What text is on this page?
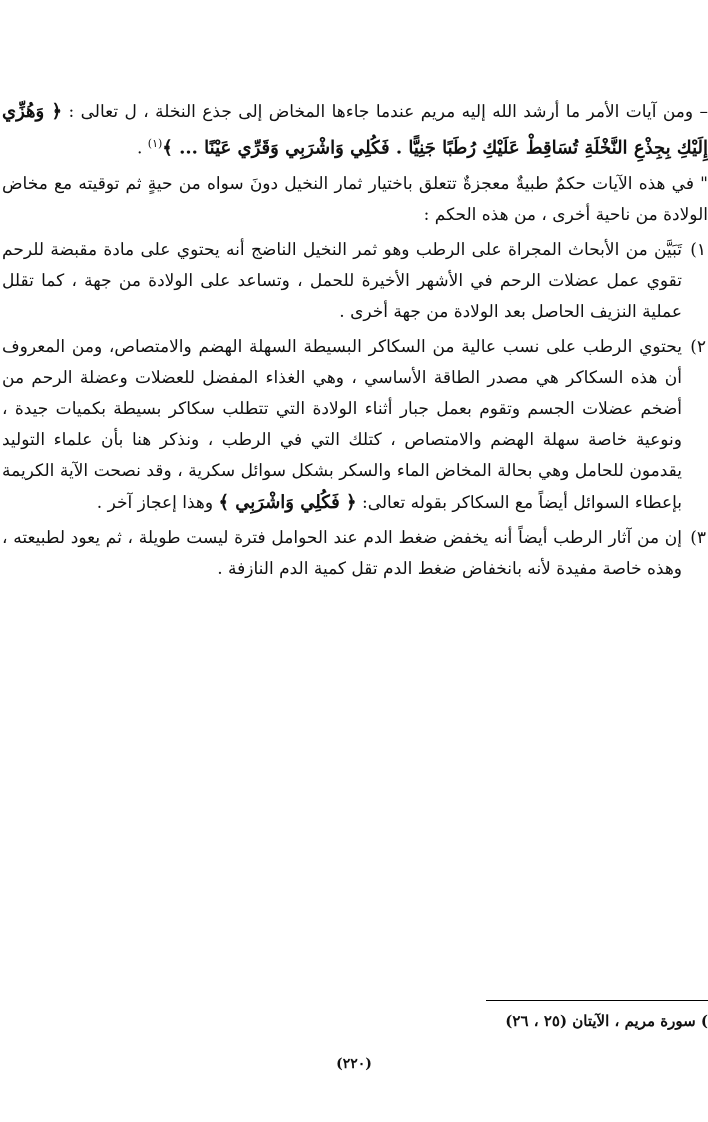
– ومن آيات الأمر ما أرشد الله إليه مريم عندما جاءها المخاض إلى جذع النخلة ، ل تعالى : ﴿ وَهُزِّي إِلَيْكِ بِجِذْعِ النَّخْلَةِ تُسَاقِطْ عَلَيْكِ رُطَبًا جَنِيًّا . فَكُلِي وَاشْرَبِي وَقَرِّي عَيْنًا ... ﴾$^{(١)}$ .

" في هذه الآيات حكمٌ طبيةٌ معجزةٌ تتعلق باختيار ثمار النخيل دونَ سواه من حيةٍ ثم توقيته مع مخاض الولادة من ناحية أخرى ، من هذه الحكم :

١)
تَبَيَّن من الأبحاث المجراة على الرطب وهو ثمر النخيل الناضج أنه يحتوي على مادة مقبضة للرحم تقوي عمل عضلات الرحم في الأشهر الأخيرة للحمل ، وتساعد على الولادة من جهة ، كما تقلل عملية النزيف الحاصل بعد الولادة من جهة أخرى .

٢)
يحتوي الرطب على نسب عالية من السكاكر البسيطة السهلة الهضم والامتصاص، ومن المعروف أن هذه السكاكر هي مصدر الطاقة الأساسي ، وهي الغذاء المفضل للعضلات وعضلة الرحم من أضخم عضلات الجسم وتقوم بعمل جبار أثناء الولادة التي تتطلب سكاكر بسيطة بكميات جيدة ، ونوعية خاصة سهلة الهضم والامتصاص ، كتلك التي في الرطب ، ونذكر هنا بأن علماء التوليد يقدمون للحامل وهي بحالة المخاض الماء والسكر بشكل سوائل سكرية ، وقد نصحت الآية الكريمة بإعطاء السوائل أيضاً مع السكاكر بقوله تعالى: ﴿ فَكُلِي وَاشْرَبِي ﴾ وهذا إعجاز آخر .

٣)
إن من آثار الرطب أيضاً أنه يخفض ضغط الدم عند الحوامل فترة ليست طويلة ، ثم يعود لطبيعته ، وهذه خاصة مفيدة لأنه بانخفاض ضغط الدم تقل كمية الدم النازفة .

) سورة مريم ، الآيتان (٢٥ ، ٢٦)
(٢٢٠)
